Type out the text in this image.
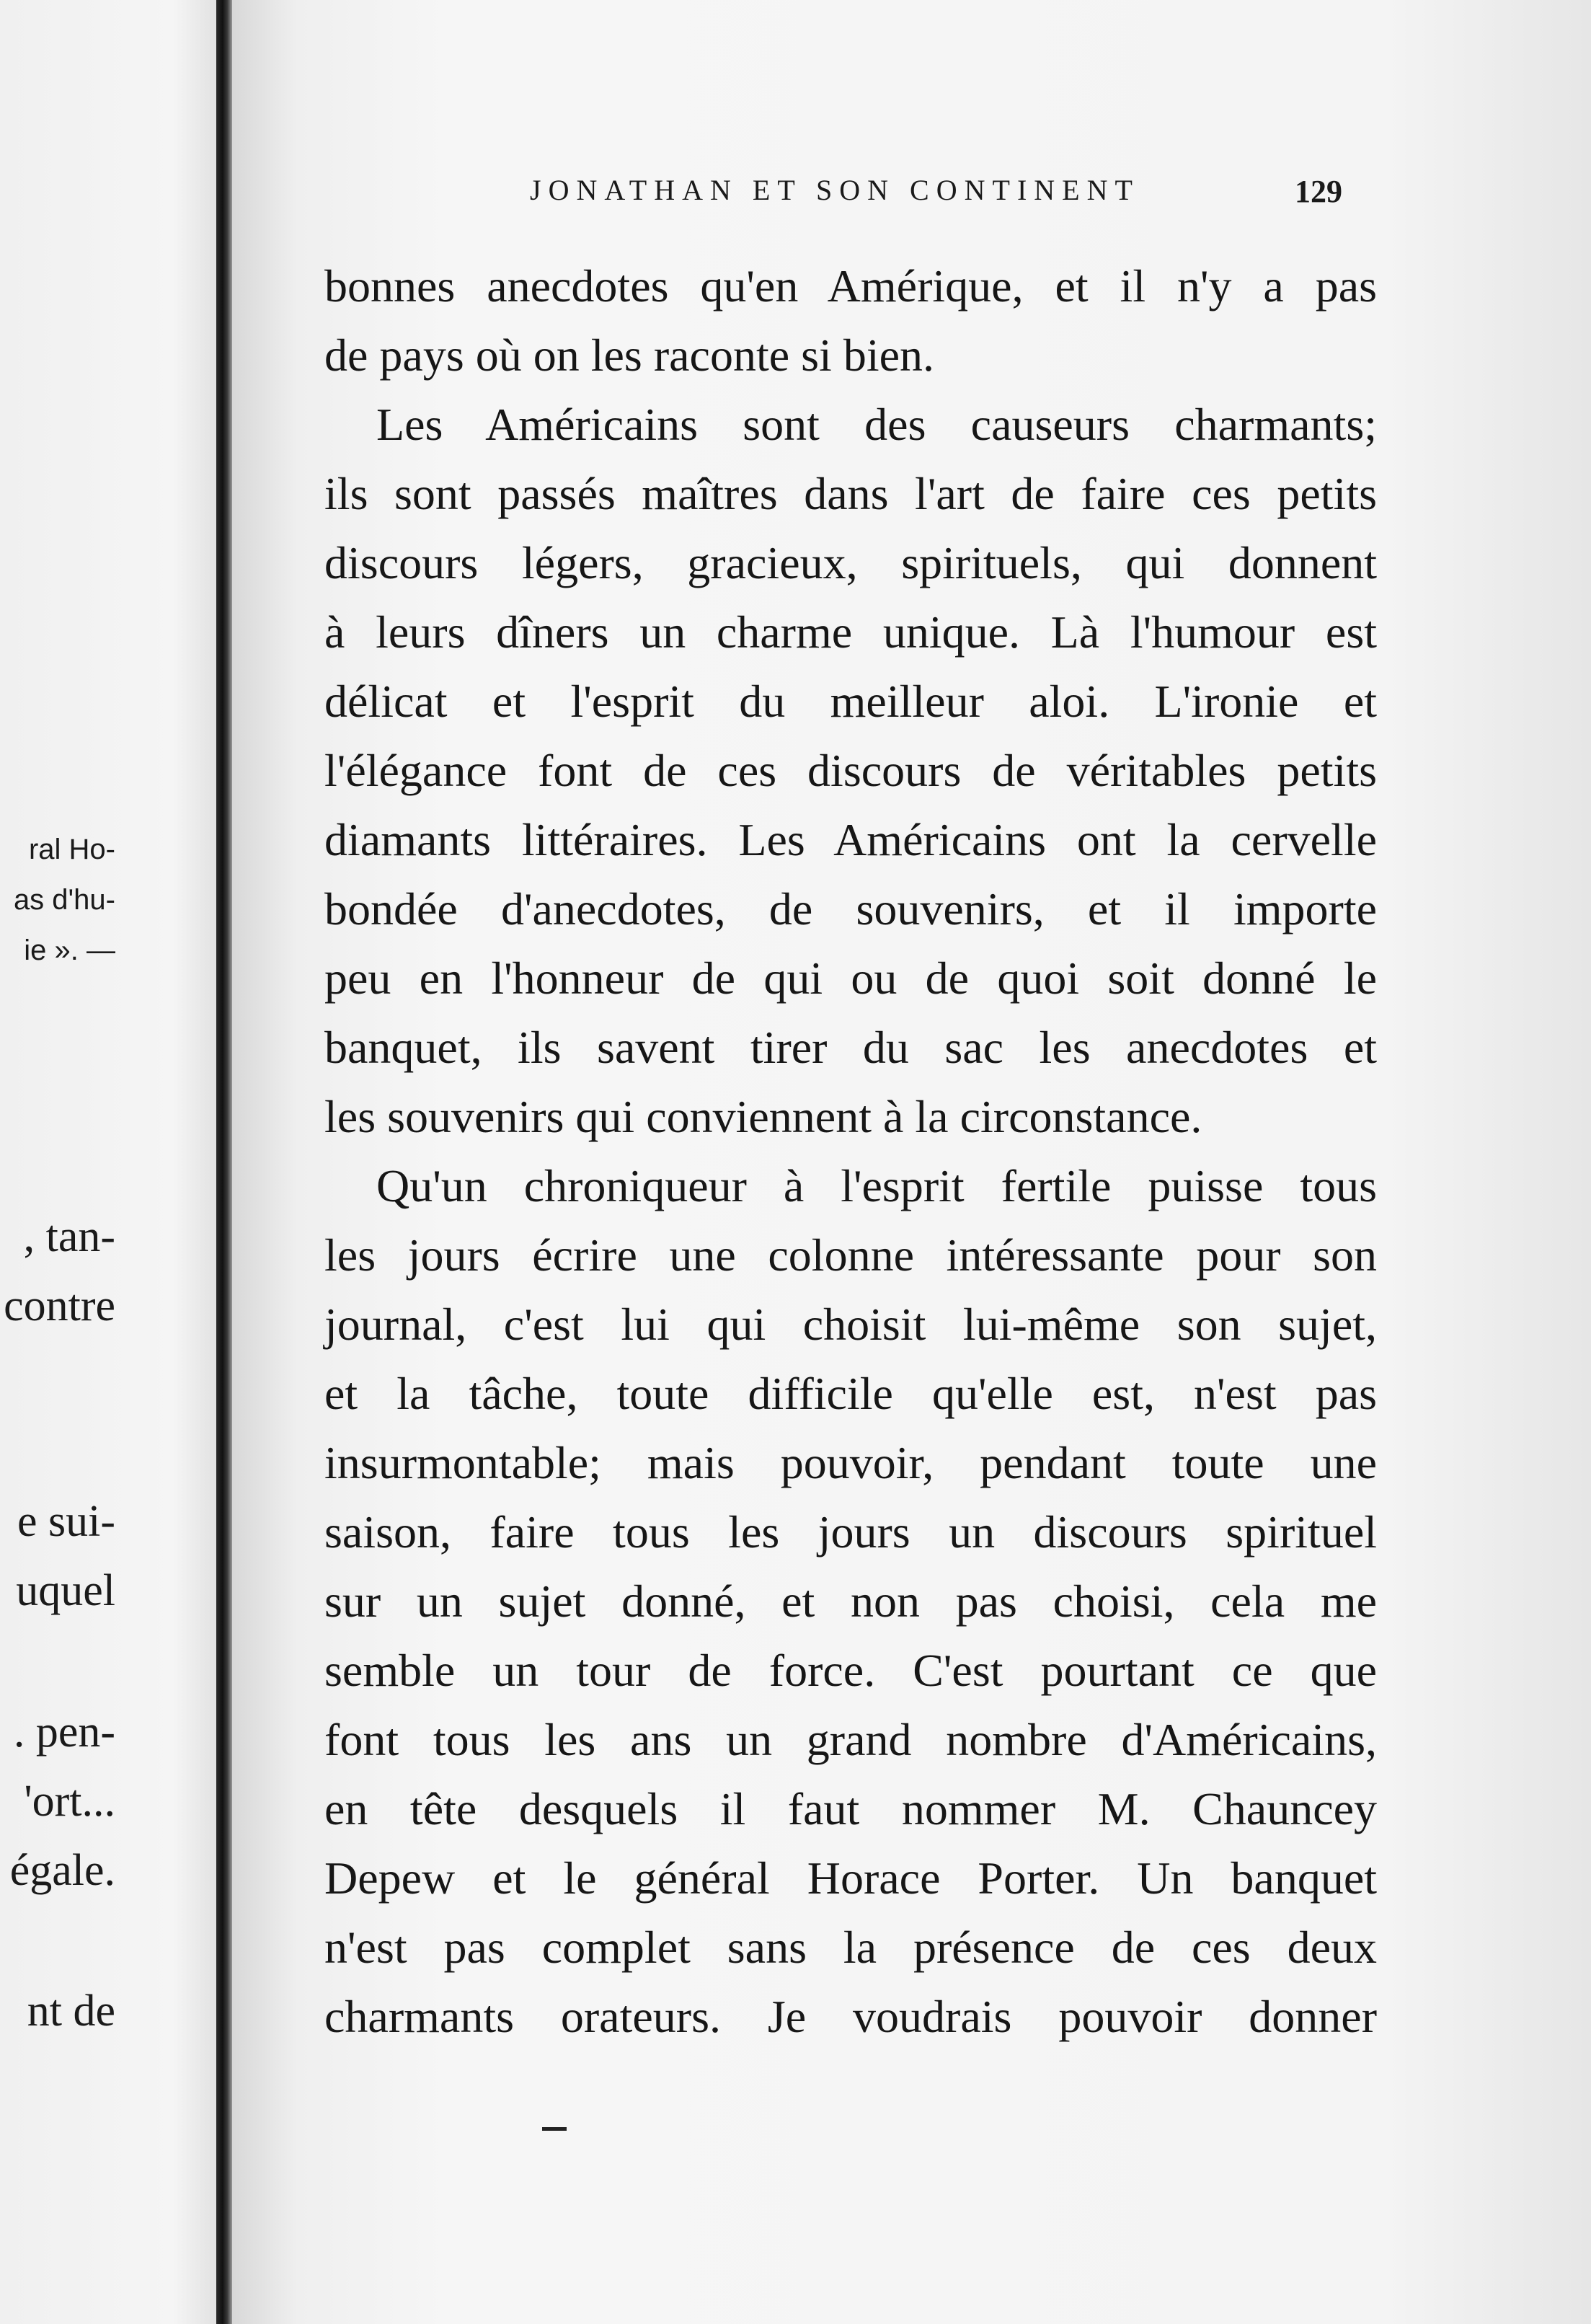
ral Ho-
as d'hu-
ie ». —
, tan-
contre
e sui-
uquel
. pen-
'ort...
égale.
nt de
JONATHAN ET SON CONTINENT	129
bonnes anecdotes qu'en Amérique, et il n'y a pas
de pays où on les raconte si bien.
Les Américains sont des causeurs charmants;
ils sont passés maîtres dans l'art de faire ces petits
discours légers, gracieux, spirituels, qui donnent
à leurs dîners un charme unique. Là l'humour est
délicat et l'esprit du meilleur aloi. L'ironie et
l'élégance font de ces discours de véritables petits
diamants littéraires. Les Américains ont la cervelle
bondée d'anecdotes, de souvenirs, et il importe
peu en l'honneur de qui ou de quoi soit donné le
banquet, ils savent tirer du sac les anecdotes et
les souvenirs qui conviennent à la circonstance.
Qu'un chroniqueur à l'esprit fertile puisse tous
les jours écrire une colonne intéressante pour son
journal, c'est lui qui choisit lui-même son sujet,
et la tâche, toute difficile qu'elle est, n'est pas
insurmontable; mais pouvoir, pendant toute une
saison, faire tous les jours un discours spirituel
sur un sujet donné, et non pas choisi, cela me
semble un tour de force. C'est pourtant ce que
font tous les ans un grand nombre d'Américains,
en tête desquels il faut nommer M. Chauncey
Depew et le général Horace Porter. Un banquet
n'est pas complet sans la présence de ces deux
charmants orateurs. Je voudrais pouvoir donner
